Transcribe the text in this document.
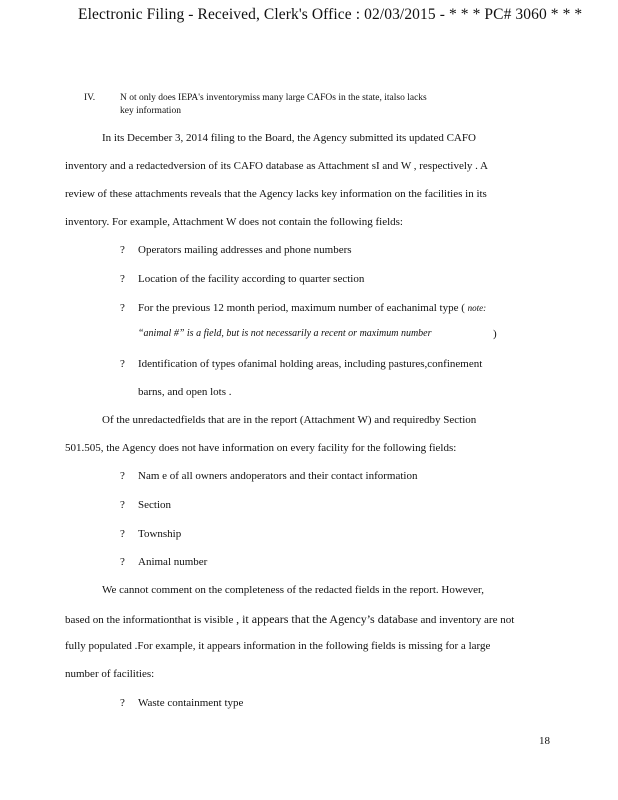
Electronic Filing - Received, Clerk's Office : 02/03/2015 - * * * PC# 3060 * * *
IV.	N ot only does IEPA's inventorymiss many large CAFOs in the state, italso lacks
key information
In its December 3, 2014 filing to the Board, the Agency submitted its updated CAFO
inventory and a redactedversion of its CAFO database as Attachment sI and W , respectively . A
review of these attachments reveals that the Agency lacks key information on the facilities in its
inventory. For example, Attachment W does not contain the following fields:
? Operators mailing addresses and phone numbers
? Location of the facility according to quarter section
? For the previous 12 month period, maximum number of eachanimal type ( note:
“animal #” is a field, but is not necessarily a recent or maximum number	)
? Identification of types ofanimal holding areas, including pastures,confinement
barns, and open lots .
Of the unredactedfields that are in the report (Attachment W) and requiredby Section
501.505, the Agency does not have information on every facility for the following fields:
? Nam e of all owners andoperators and their contact information
? Section
? Township
? Animal number
We cannot comment on the completeness of the redacted fields in the report. However,
based on the informationthat is visible , it appears that the Agency’s database and inventory are not
fully populated .For example, it appears information in the following fields is missing for a large
number of facilities:
? Waste containment type
18
